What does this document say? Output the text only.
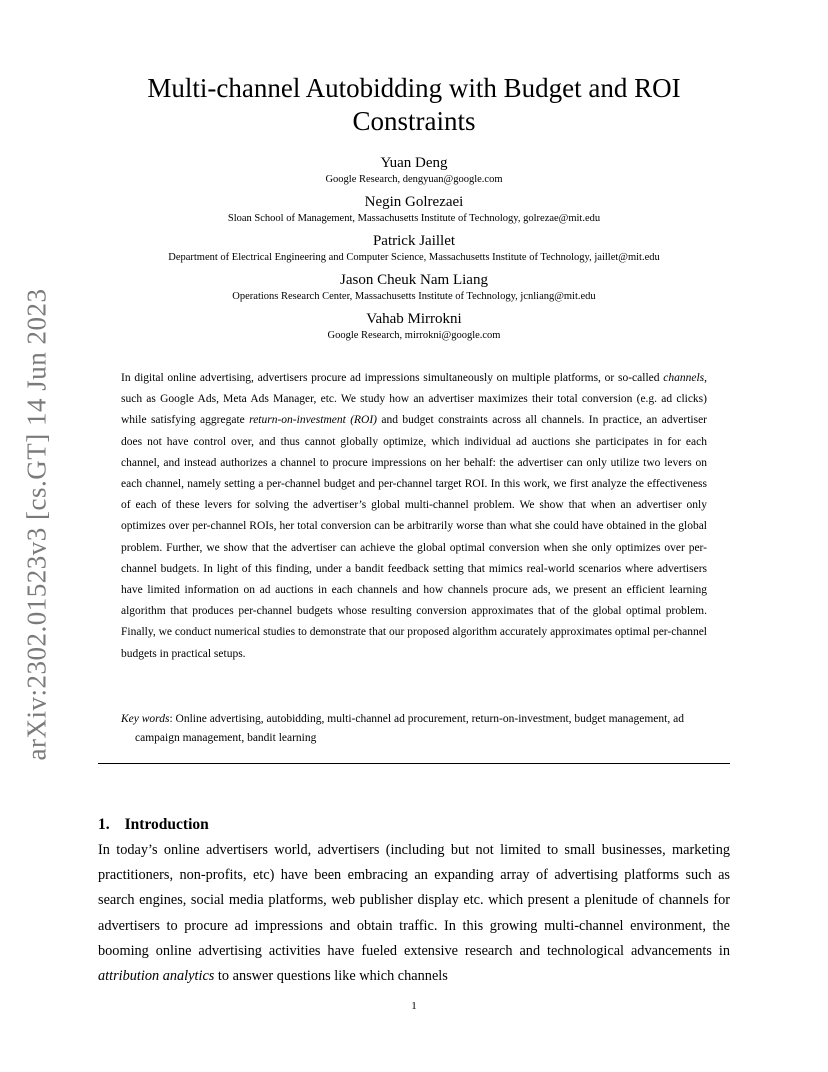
arXiv:2302.01523v3 [cs.GT] 14 Jun 2023
Multi-channel Autobidding with Budget and ROI Constraints
Yuan Deng
Google Research, dengyuan@google.com
Negin Golrezaei
Sloan School of Management, Massachusetts Institute of Technology, golrezae@mit.edu
Patrick Jaillet
Department of Electrical Engineering and Computer Science, Massachusetts Institute of Technology, jaillet@mit.edu
Jason Cheuk Nam Liang
Operations Research Center, Massachusetts Institute of Technology, jcnliang@mit.edu
Vahab Mirrokni
Google Research, mirrokni@google.com

In digital online advertising, advertisers procure ad impressions simultaneously on multiple platforms, or so-called channels, such as Google Ads, Meta Ads Manager, etc. We study how an advertiser maximizes their total conversion (e.g. ad clicks) while satisfying aggregate return-on-investment (ROI) and budget constraints across all channels. In practice, an advertiser does not have control over, and thus cannot globally optimize, which individual ad auctions she participates in for each channel, and instead authorizes a channel to procure impressions on her behalf: the advertiser can only utilize two levers on each channel, namely setting a per-channel budget and per-channel target ROI. In this work, we first analyze the effectiveness of each of these levers for solving the advertiser’s global multi-channel problem. We show that when an advertiser only optimizes over per-channel ROIs, her total conversion can be arbitrarily worse than what she could have obtained in the global problem. Further, we show that the advertiser can achieve the global optimal conversion when she only optimizes over per-channel budgets. In light of this finding, under a bandit feedback setting that mimics real-world scenarios where advertisers have limited information on ad auctions in each channels and how channels procure ads, we present an efficient learning algorithm that produces per-channel budgets whose resulting conversion approximates that of the global optimal problem. Finally, we conduct numerical studies to demonstrate that our proposed algorithm accurately approximates optimal per-channel budgets in practical setups.

Key words: Online advertising, autobidding, multi-channel ad procurement, return-on-investment, budget management, ad campaign management, bandit learning

1. Introduction

In today’s online advertisers world, advertisers (including but not limited to small businesses, marketing practitioners, non-profits, etc) have been embracing an expanding array of advertising platforms such as search engines, social media platforms, web publisher display etc. which present a plenitude of channels for advertisers to procure ad impressions and obtain traffic. In this growing multi-channel environment, the booming online advertising activities have fueled extensive research and technological advancements in attribution analytics to answer questions like which channels

1
